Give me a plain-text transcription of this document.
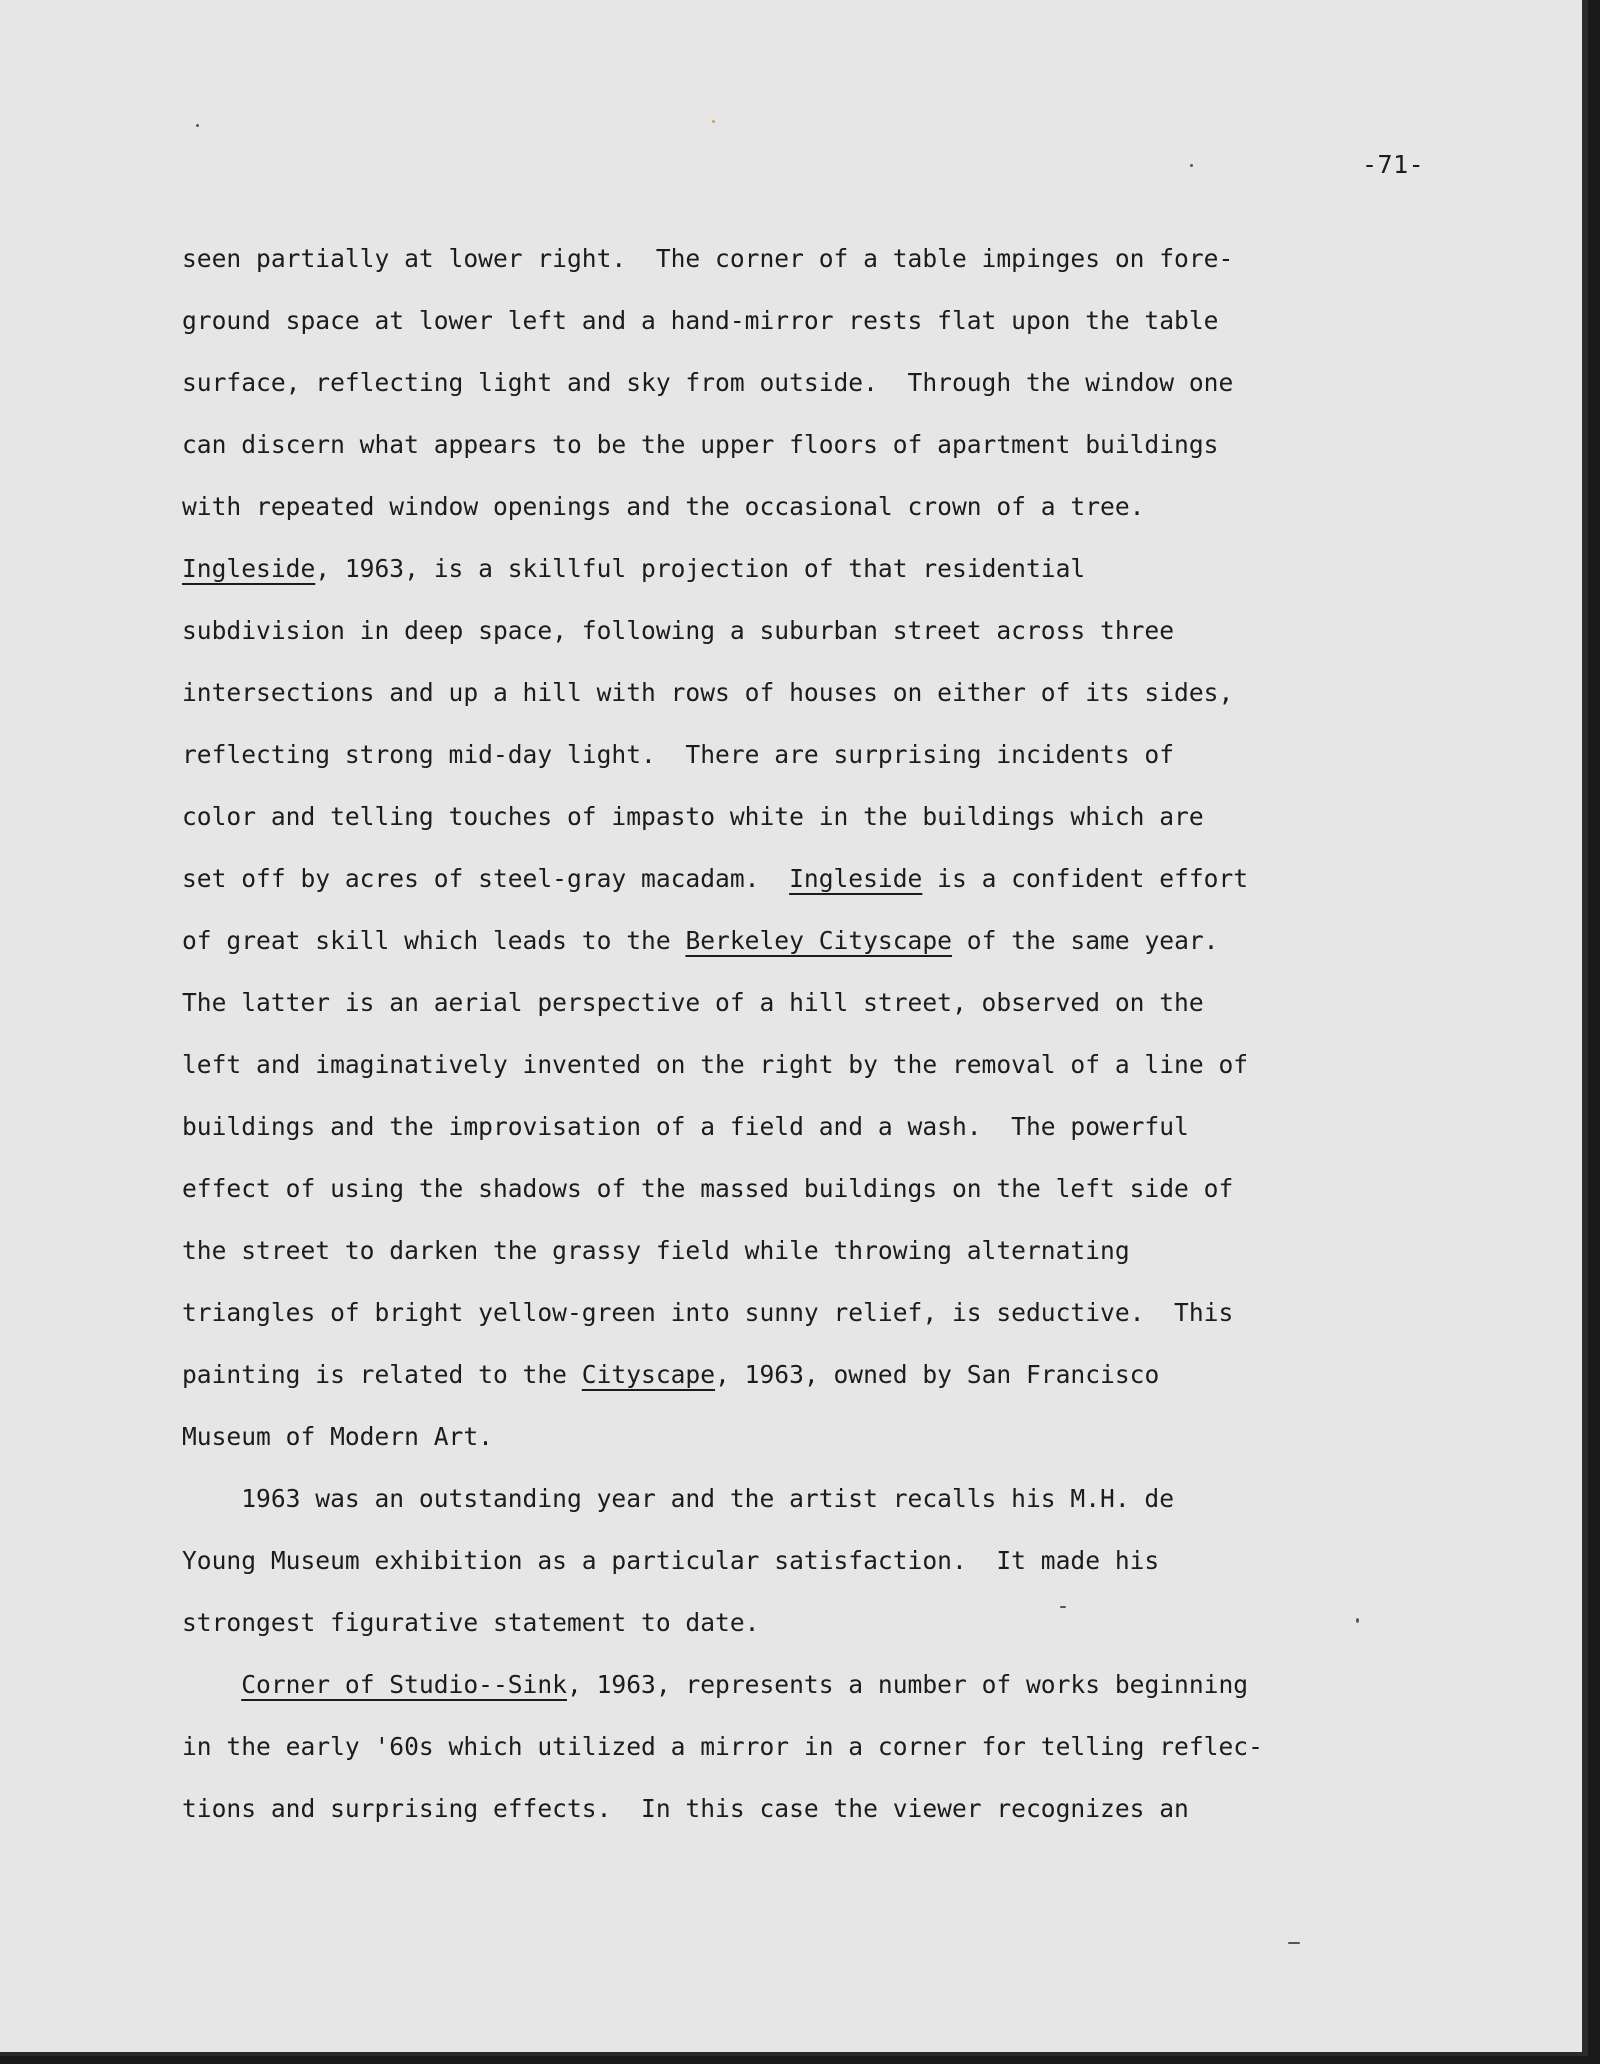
-71-
seen partially at lower right.  The corner of a table impinges on fore-
ground space at lower left and a hand-mirror rests flat upon the table
surface, reflecting light and sky from outside.  Through the window one
can discern what appears to be the upper floors of apartment buildings
with repeated window openings and the occasional crown of a tree.
Ingleside, 1963, is a skillful projection of that residential
subdivision in deep space, following a suburban street across three
intersections and up a hill with rows of houses on either of its sides,
reflecting strong mid-day light.  There are surprising incidents of
color and telling touches of impasto white in the buildings which are
set off by acres of steel-gray macadam.  Ingleside is a confident effort
of great skill which leads to the Berkeley Cityscape of the same year.
The latter is an aerial perspective of a hill street, observed on the
left and imaginatively invented on the right by the removal of a line of
buildings and the improvisation of a field and a wash.  The powerful
effect of using the shadows of the massed buildings on the left side of
the street to darken the grassy field while throwing alternating
triangles of bright yellow-green into sunny relief, is seductive.  This
painting is related to the Cityscape, 1963, owned by San Francisco
Museum of Modern Art.
1963 was an outstanding year and the artist recalls his M.H. de
Young Museum exhibition as a particular satisfaction.  It made his
strongest figurative statement to date.
Corner of Studio--Sink, 1963, represents a number of works beginning
in the early '60s which utilized a mirror in a corner for telling reflec-
tions and surprising effects.  In this case the viewer recognizes an
